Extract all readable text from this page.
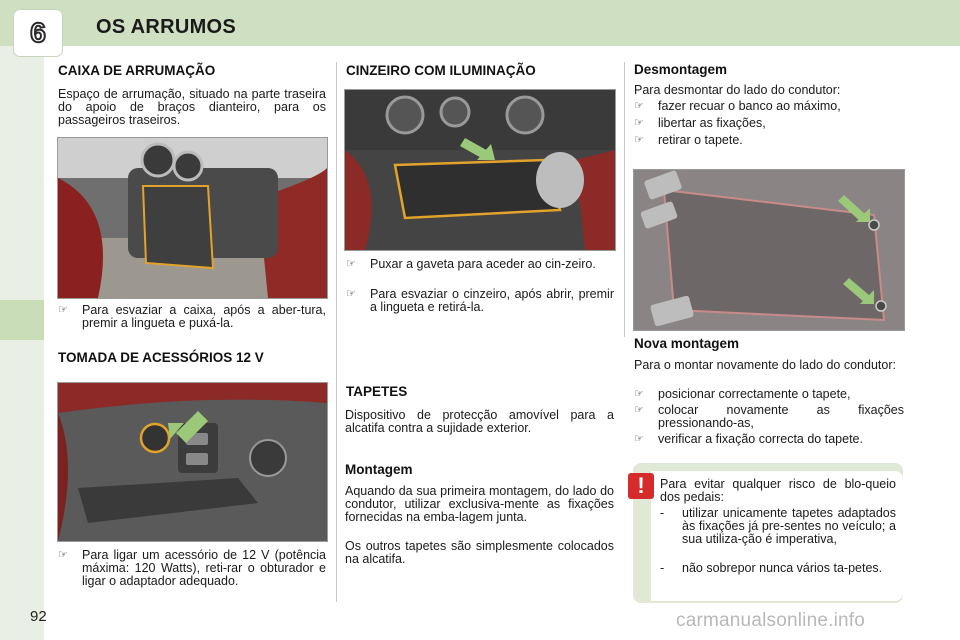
6	OS ARRUMOS
CAIXA DE ARRUMAÇÃO
Espaço de arrumação, situado na parte traseira do apoio de braços dianteiro, para os passageiros traseiros.
☞ Para esvaziar a caixa, após a aber-tura, premir a lingueta e puxá-la.
TOMADA DE ACESSÓRIOS 12 V
☞ Para ligar um acessório de 12 V (potência máxima: 120 Watts), reti-rar o obturador e ligar o adaptador adequado.
CINZEIRO COM ILUMINAÇÃO
☞ Puxar a gaveta para aceder ao cin-zeiro.
☞ Para esvaziar o cinzeiro, após abrir, premir a lingueta e retirá-la.
TAPETES
Dispositivo de protecção amovível para a alcatifa contra a sujidade exterior.
Montagem
Aquando da sua primeira montagem, do lado do condutor, utilizar exclusiva-mente as fixações fornecidas na emba-lagem junta.
Os outros tapetes são simplesmente colocados na alcatifa.
Desmontagem
Para desmontar do lado do condutor:
☞ fazer recuar o banco ao máximo,
☞ libertar as fixações,
☞ retirar o tapete.
Nova montagem
Para o montar novamente do lado do condutor:
☞ posicionar correctamente o tapete,
☞ colocar novamente as fixações pressionando-as,
☞ verificar a fixação correcta do tapete.
!	Para evitar qualquer risco de blo-queio dos pedais:
- utilizar unicamente tapetes adaptados às fixações já pre-sentes no veículo; a sua utiliza-ção é imperativa,
- não sobrepor nunca vários ta-petes.
92	carmanualsonline.info
